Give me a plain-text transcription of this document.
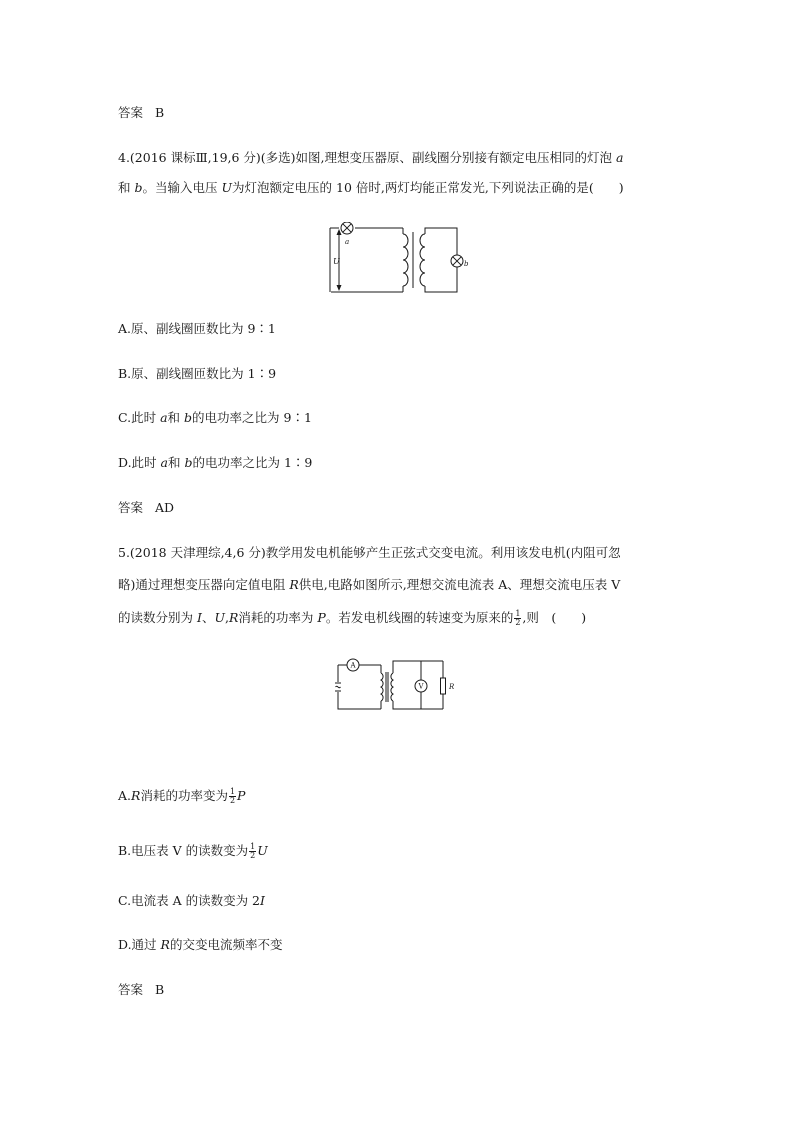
答案 B
4.(2016 课标Ⅲ,19,6 分)(多选)如图,理想变压器原、副线圈分别接有额定电压相同的灯泡 a
和 b。当输入电压 U为灯泡额定电压的 10 倍时,两灯均能正常发光,下列说法正确的是(　　)
U
a
b
A.原、副线圈匝数比为 9∶1
B.原、副线圈匝数比为 1∶9
C.此时 a和 b的电功率之比为 9∶1
D.此时 a和 b的电功率之比为 1∶9
答案 AD
5.(2018 天津理综,4,6 分)教学用发电机能够产生正弦式交变电流。利用该发电机(内阻可忽
略)通过理想变压器向定值电阻 R供电,电路如图所示,理想交流电流表 A、理想交流电压表 V
的读数分别为 I、U,R消耗的功率为 P。若发电机线圈的转速变为原来的 $\frac{1}{2}$ ,则　(　　)
A
V	R
A.R消耗的功率变为 $\frac{1}{2}$ P
B.电压表 V 的读数变为 $\frac{1}{2}$ U
C.电流表 A 的读数变为 2I
D.通过 R的交变电流频率不变
答案 B
